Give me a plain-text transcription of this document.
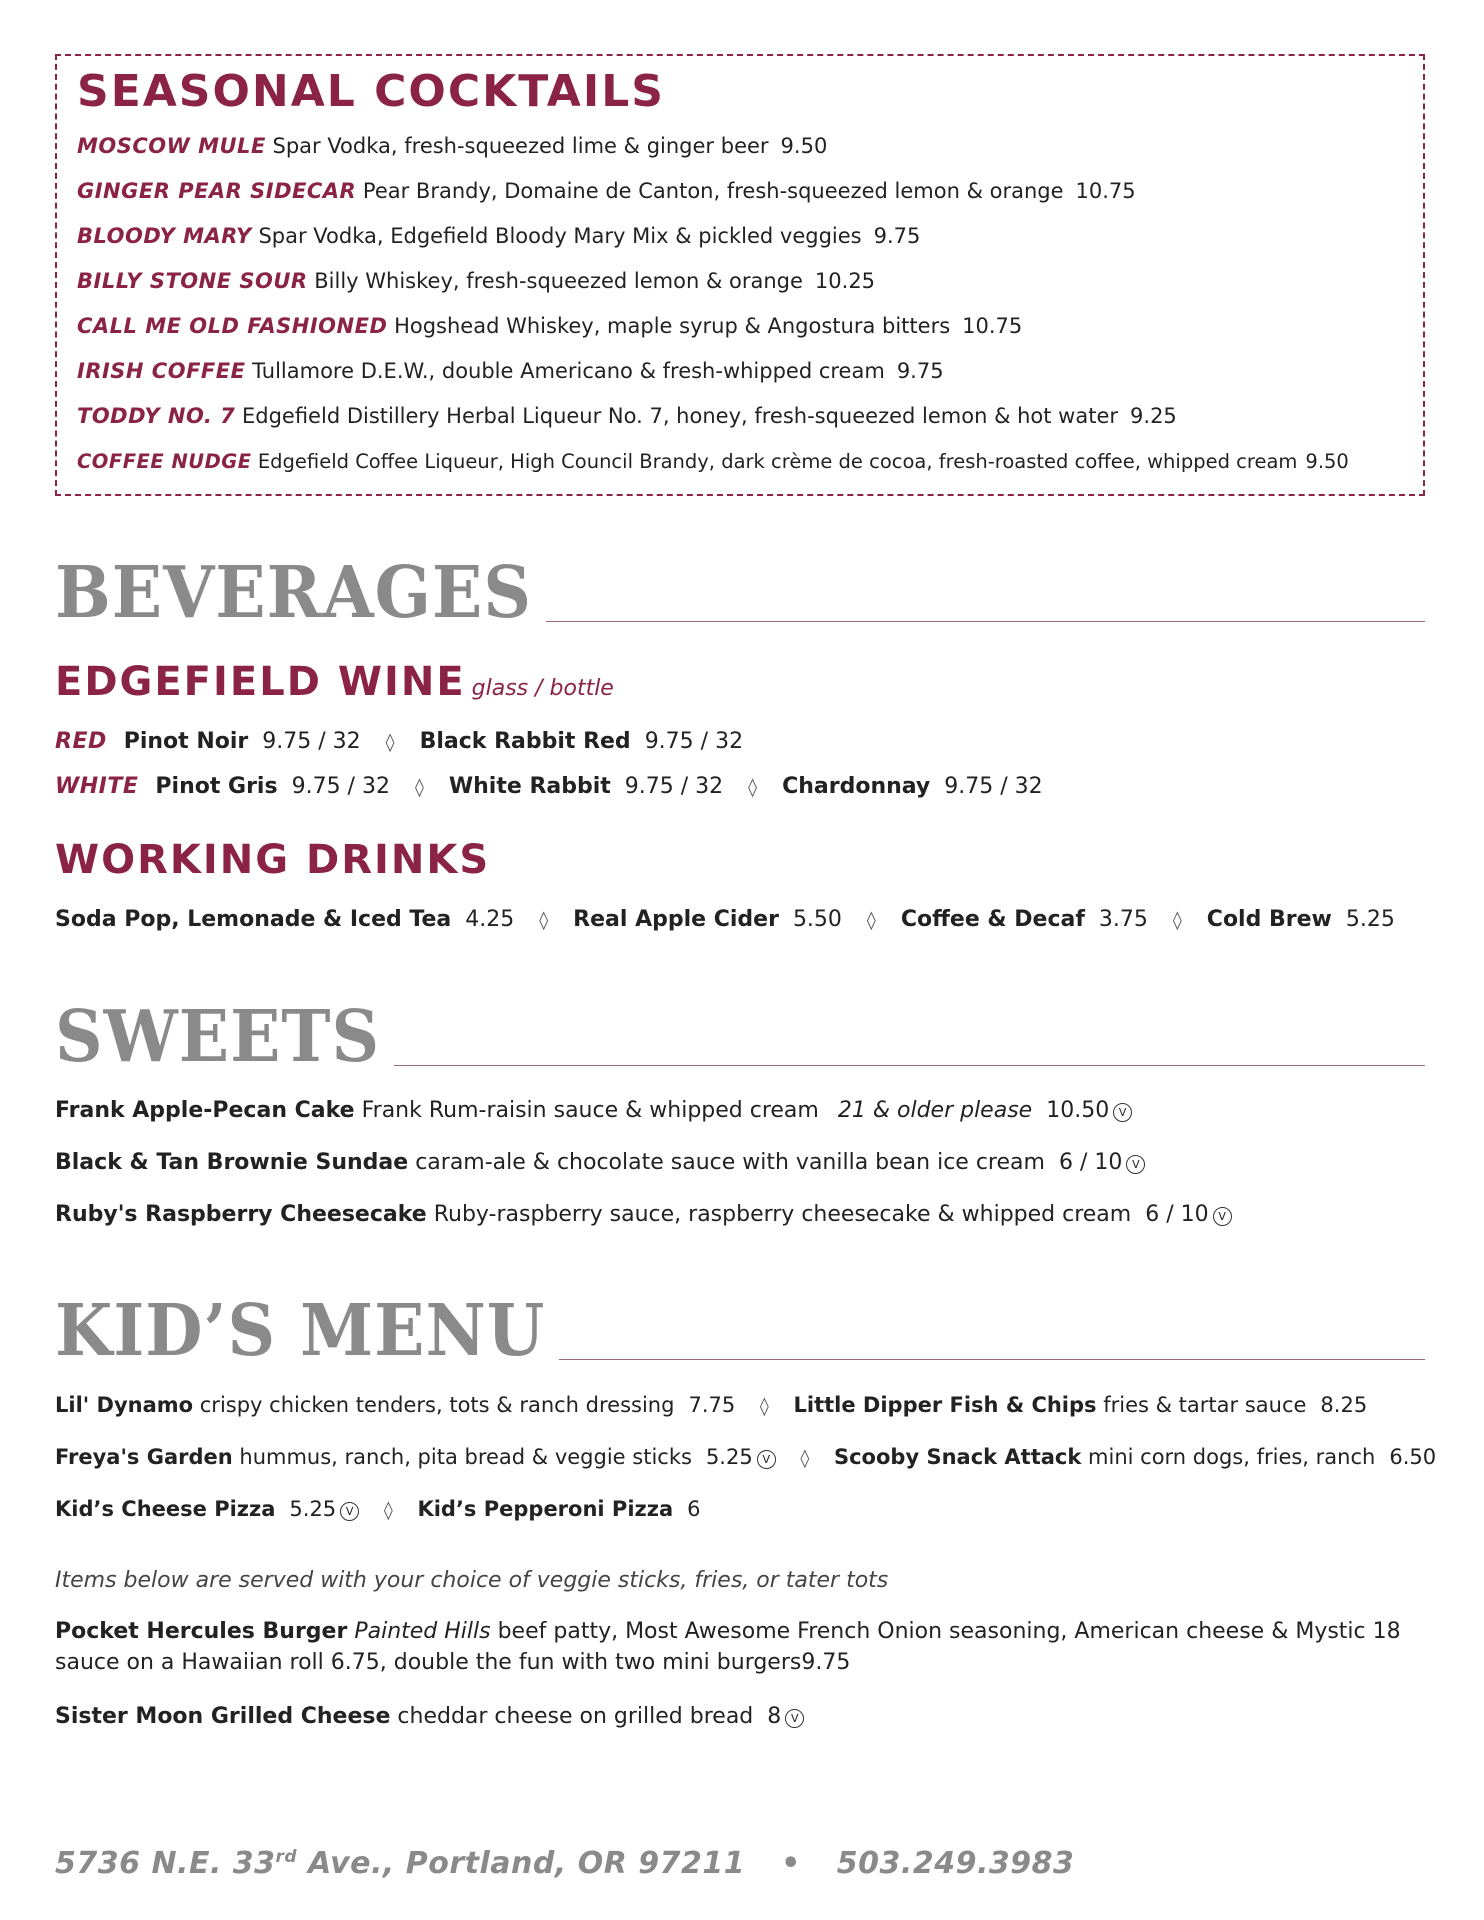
SEASONAL COCKTAILS
MOSCOW MULE Spar Vodka, fresh-squeezed lime & ginger beer 9.50
GINGER PEAR SIDECAR Pear Brandy, Domaine de Canton, fresh-squeezed lemon & orange 10.75
BLOODY MARY Spar Vodka, Edgefield Bloody Mary Mix & pickled veggies 9.75
BILLY STONE SOUR Billy Whiskey, fresh-squeezed lemon & orange 10.25
CALL ME OLD FASHIONED Hogshead Whiskey, maple syrup & Angostura bitters 10.75
IRISH COFFEE Tullamore D.E.W., double Americano & fresh-whipped cream 9.75
TODDY NO. 7 Edgefield Distillery Herbal Liqueur No. 7, honey, fresh-squeezed lemon & hot water 9.25
COFFEE NUDGE Edgefield Coffee Liqueur, High Council Brandy, dark crème de cocoa, fresh-roasted coffee, whipped cream 9.50
BEVERAGES
EDGEFIELD WINE glass / bottle
RED Pinot Noir 9.75 / 32 ◊ Black Rabbit Red 9.75 / 32
WHITE Pinot Gris 9.75 / 32 ◊ White Rabbit 9.75 / 32 ◊ Chardonnay 9.75 / 32
WORKING DRINKS
Soda Pop, Lemonade & Iced Tea 4.25 ◊ Real Apple Cider 5.50 ◊ Coffee & Decaf 3.75 ◊ Cold Brew 5.25
SWEETS
Frank Apple-Pecan Cake Frank Rum-raisin sauce & whipped cream 21 & older please 10.50 V
Black & Tan Brownie Sundae caram-ale & chocolate sauce with vanilla bean ice cream 6 / 10 V
Ruby's Raspberry Cheesecake Ruby-raspberry sauce, raspberry cheesecake & whipped cream 6 / 10 V
KID’S MENU
Lil' Dynamo crispy chicken tenders, tots & ranch dressing 7.75 ◊ Little Dipper Fish & Chips fries & tartar sauce 8.25
Freya's Garden hummus, ranch, pita bread & veggie sticks 5.25 V ◊ Scooby Snack Attack mini corn dogs, fries, ranch 6.50
Kid’s Cheese Pizza 5.25 V ◊ Kid’s Pepperoni Pizza 6
Items below are served with your choice of veggie sticks, fries, or tater tots
Pocket Hercules Burger Painted Hills beef patty, Most Awesome French Onion seasoning, American cheese & Mystic 18 sauce on a Hawaiian roll 6.75, double the fun with two mini burgers9.75
Sister Moon Grilled Cheese cheddar cheese on grilled bread 8 V
5736 N.E. 33rd Ave., Portland, OR 97211 • 503.249.3983
